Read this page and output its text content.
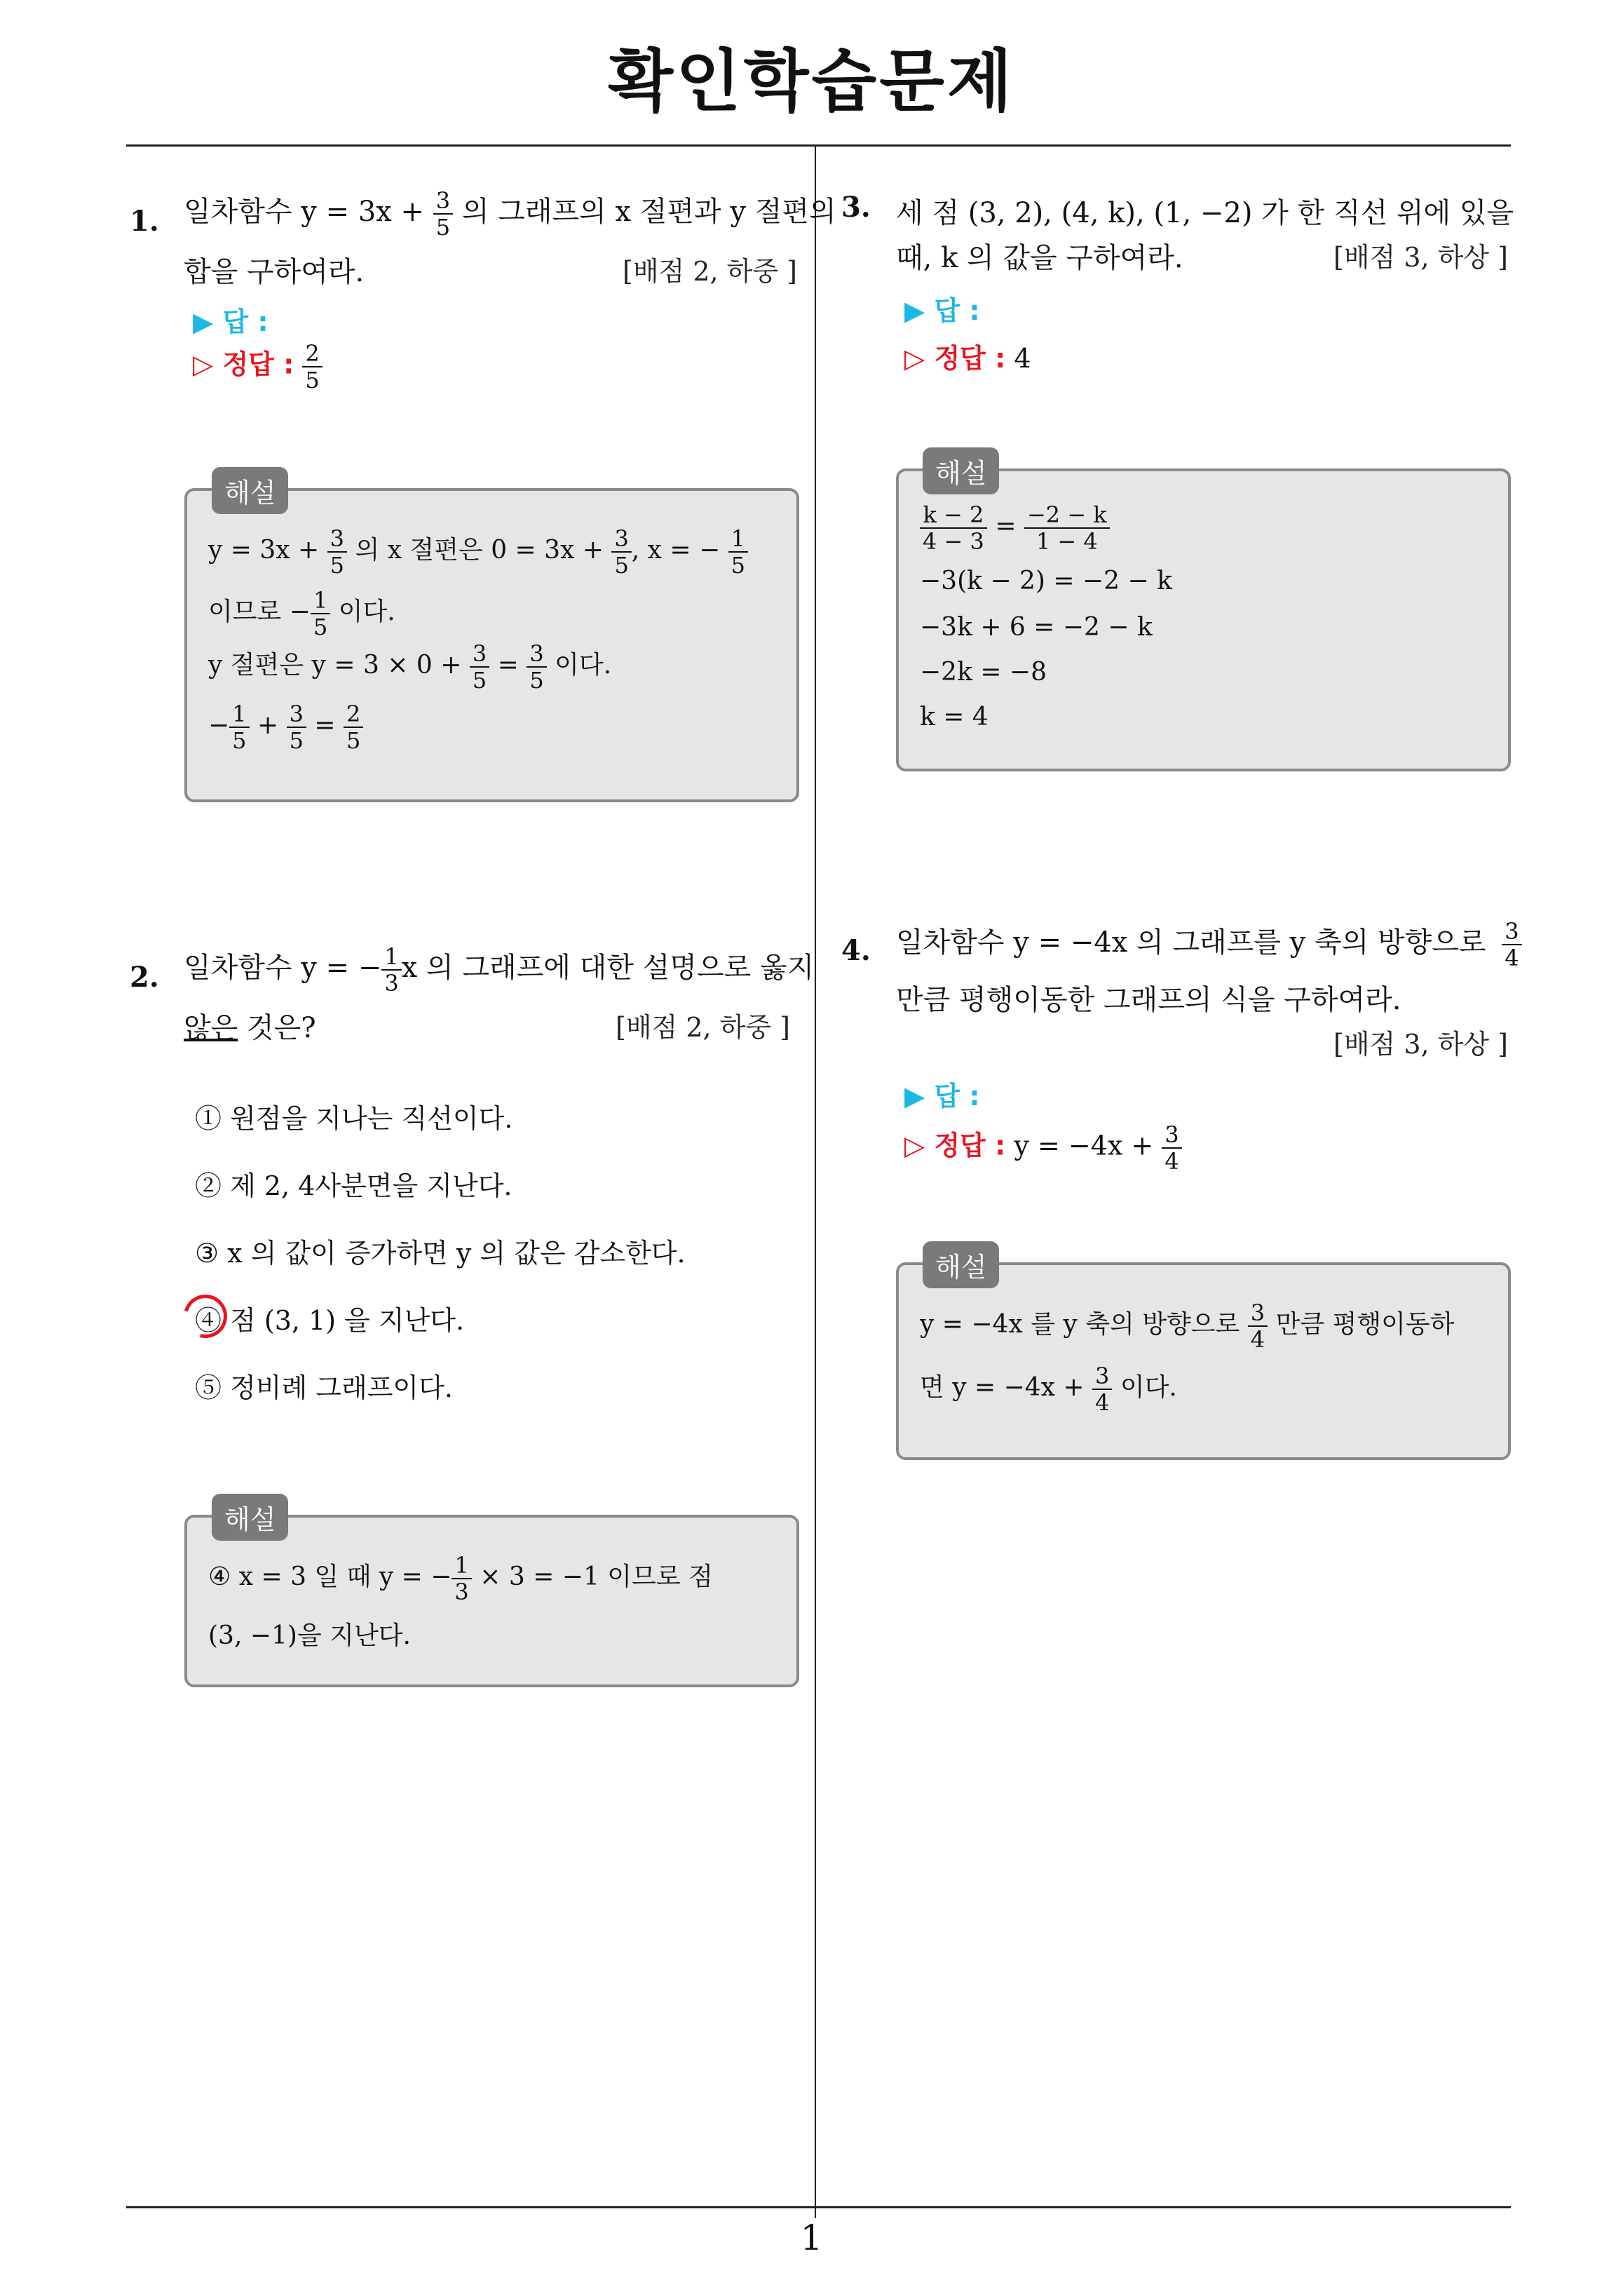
확인학습문제
1
1. 일차함수 $y = 3x + \frac{3}{5}$ 의 그래프의 x 절편과 y 절편의
합을 구하여라.	[배점 2, 하중 ]
▶ 답 :
▷ 정답 : $\frac{2}{5}$
$y = 3x + \frac{3}{5}$ 의 x 절편은 $0 = 3x + \frac{3}{5}$ , x = − $\frac{1}{5}$
이므로 − $\frac{1}{5}$ 이다.
y 절편은 $y = 3 \times 0 + \frac{3}{5} = \frac{3}{5}$ 이다.
− $\frac{1}{5} + \frac{3}{5} = \frac{2}{5}$
해설
2. 일차함수 y = − $\frac{1}{3}$ x 의 그래프에 대한 설명으로 옳지
않은 것은?	[배점 2, 하중 ]
① 원점을 지나는 직선이다.
② 제 2, 4사분면을 지난다.
③ x 의 값이 증가하면 y 의 값은 감소한다.
④ 점 (3, 1) 을 지난다.
⑤ 정비례 그래프이다.
④ x = 3 일 때 y = − $\frac{1}{3} \times 3 = -1$ 이므로 점
(3, −1)을 지난다.
해설
3. 세 점 (3, 2), (4, k), (1, −2) 가 한 직선 위에 있을
때, k 의 값을 구하여라.	[배점 3, 하상 ]
▶ 답 :
▷ 정답 : 4
$\frac{k - 2}{4 - 3} = \frac{-2 - k}{1 - 4}$
−3(k − 2) = −2 − k
−3k + 6 = −2 − k
−2k = −8
k = 4
해설
4. 일차함수 y = −4x 의 그래프를 y 축의 방향으로 $\frac{3}{4}$
만큼 평행이동한 그래프의 식을 구하여라.
[배점 3, 하상 ]
▶ 답 :
▷ 정답 : $y = -4x + \frac{3}{4}$
y = −4x 를 y 축의 방향으로 $\frac{3}{4}$ 만큼 평행이동하
면 $y = -4x + \frac{3}{4}$ 이다.
해설
